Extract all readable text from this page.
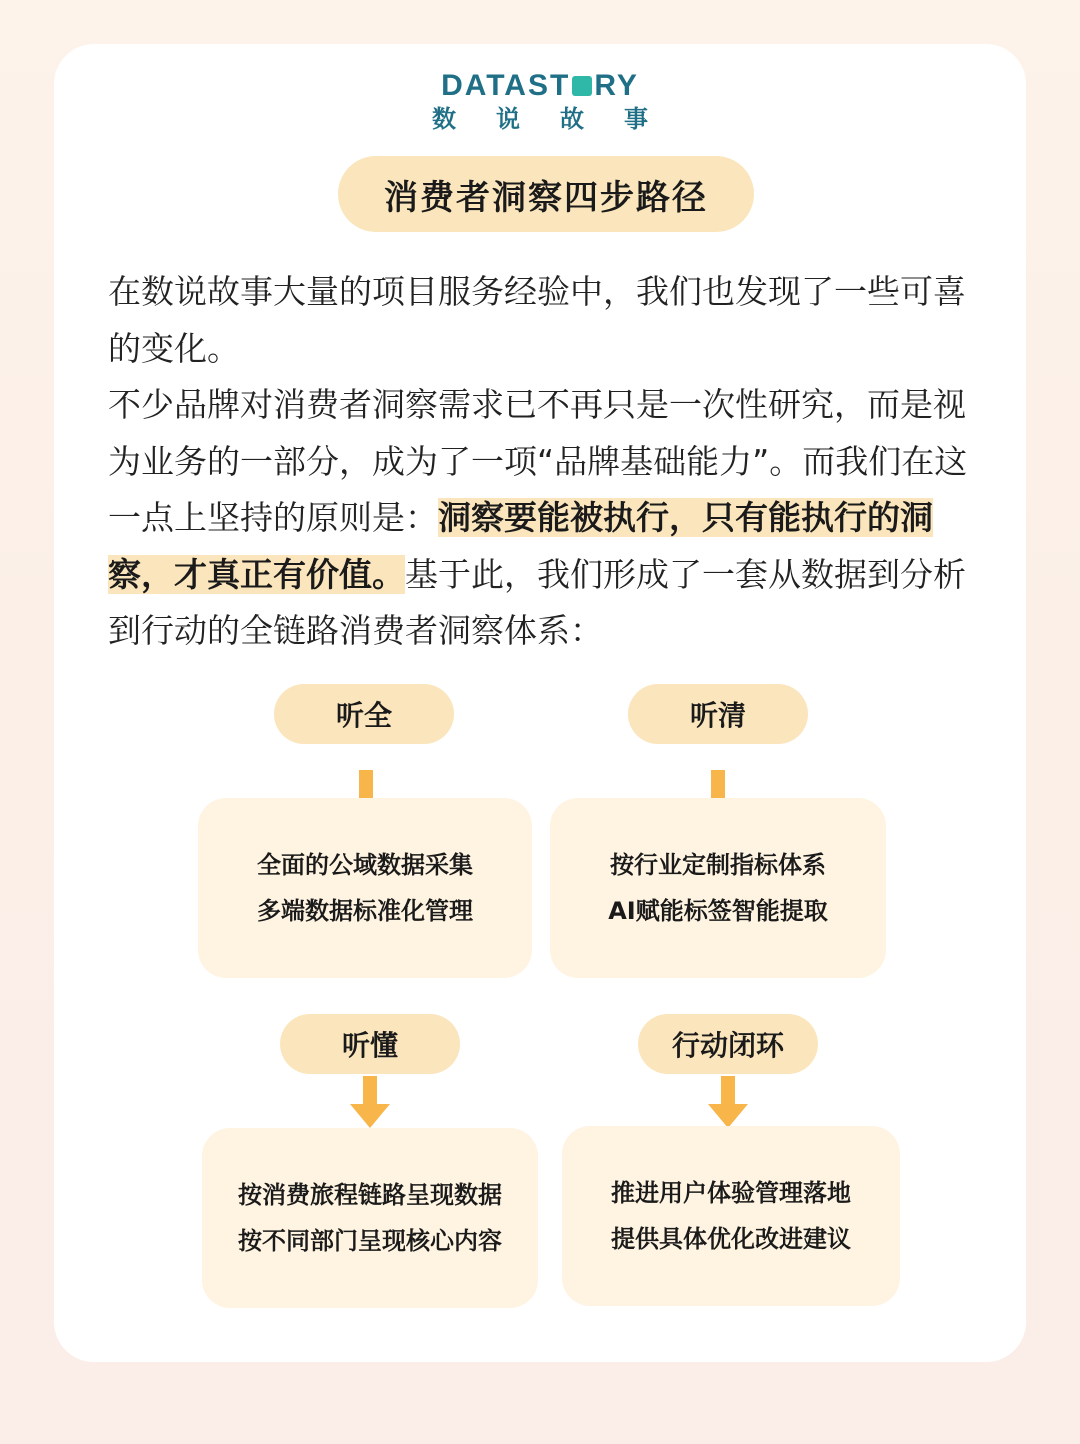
DATAST RY
数 说 故 事
消费者洞察四步路径

在数说故事大量的项目服务经验中，我们也发现了一些可喜的变化。

不少品牌对消费者洞察需求已不再只是一次性研究，而是视为业务的一部分，成为了一项“品牌基础能力”。而我们在这一点上坚持的原则是：洞察要能被执行，只有能执行的洞察，才真正有价值。基于此，我们形成了一套从数据到分析到行动的全链路消费者洞察体系：

听全
全面的公域数据采集
多端数据标准化管理
听清
按行业定制指标体系
AI赋能标签智能提取
听懂
按消费旅程链路呈现数据
按不同部门呈现核心内容
行动闭环
推进用户体验管理落地
提供具体优化改进建议
